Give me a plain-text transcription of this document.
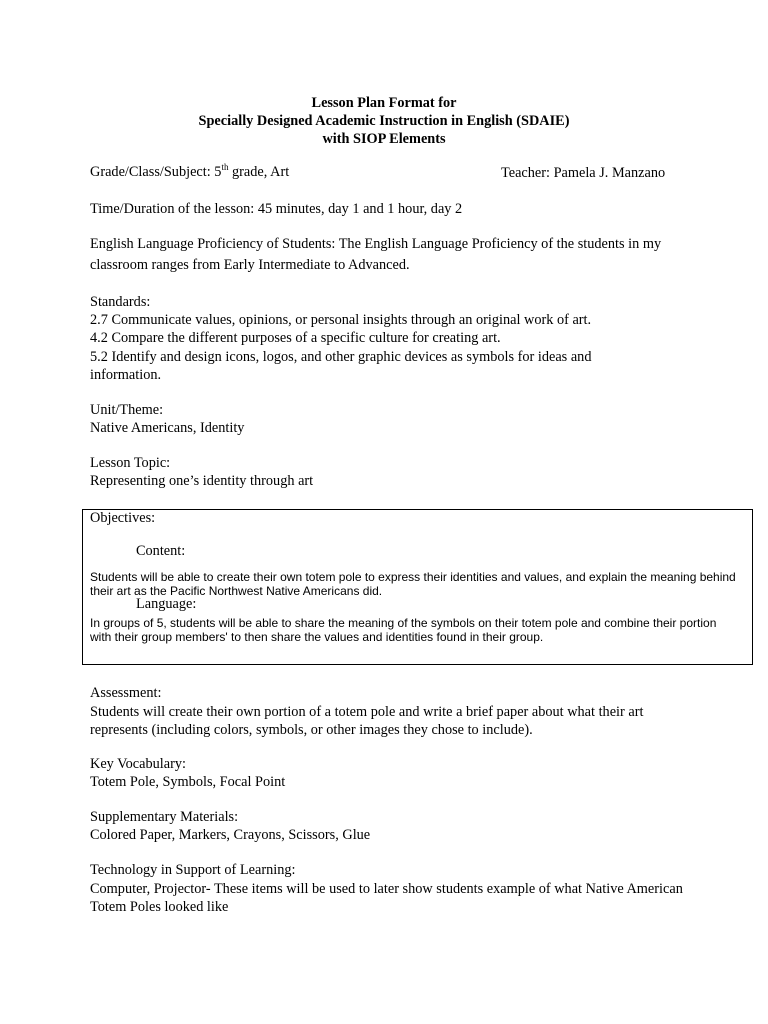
Lesson Plan Format for
Specially Designed Academic Instruction in English (SDAIE)
with SIOP Elements
Grade/Class/Subject: 5th grade, Art	Teacher: Pamela J. Manzano
Time/Duration of the lesson: 45 minutes, day 1 and 1 hour, day 2
English Language Proficiency of Students: The English Language Proficiency of the students in my classroom ranges from Early Intermediate to Advanced.
Standards:
2.7 Communicate values, opinions, or personal insights through an original work of art.
4.2 Compare the different purposes of a specific culture for creating art.
5.2 Identify and design icons, logos, and other graphic devices as symbols for ideas and information.
Unit/Theme:
Native Americans, Identity
Lesson Topic:
Representing one’s identity through art
Objectives:
Content:
Students will be able to create their own totem pole to express their identities and values, and explain the meaning behind their art as the Pacific Northwest Native Americans did.
Language:
In groups of 5, students will be able to share the meaning of the symbols on their totem pole and combine their portion with their group members' to then share the values and identities found in their group.
Assessment:
Students will create their own portion of a totem pole and write a brief paper about what their art represents (including colors, symbols, or other images they chose to include).
Key Vocabulary:
Totem Pole, Symbols, Focal Point
Supplementary Materials:
Colored Paper, Markers, Crayons, Scissors, Glue
Technology in Support of Learning:
Computer, Projector- These items will be used to later show students example of what Native American Totem Poles looked like
